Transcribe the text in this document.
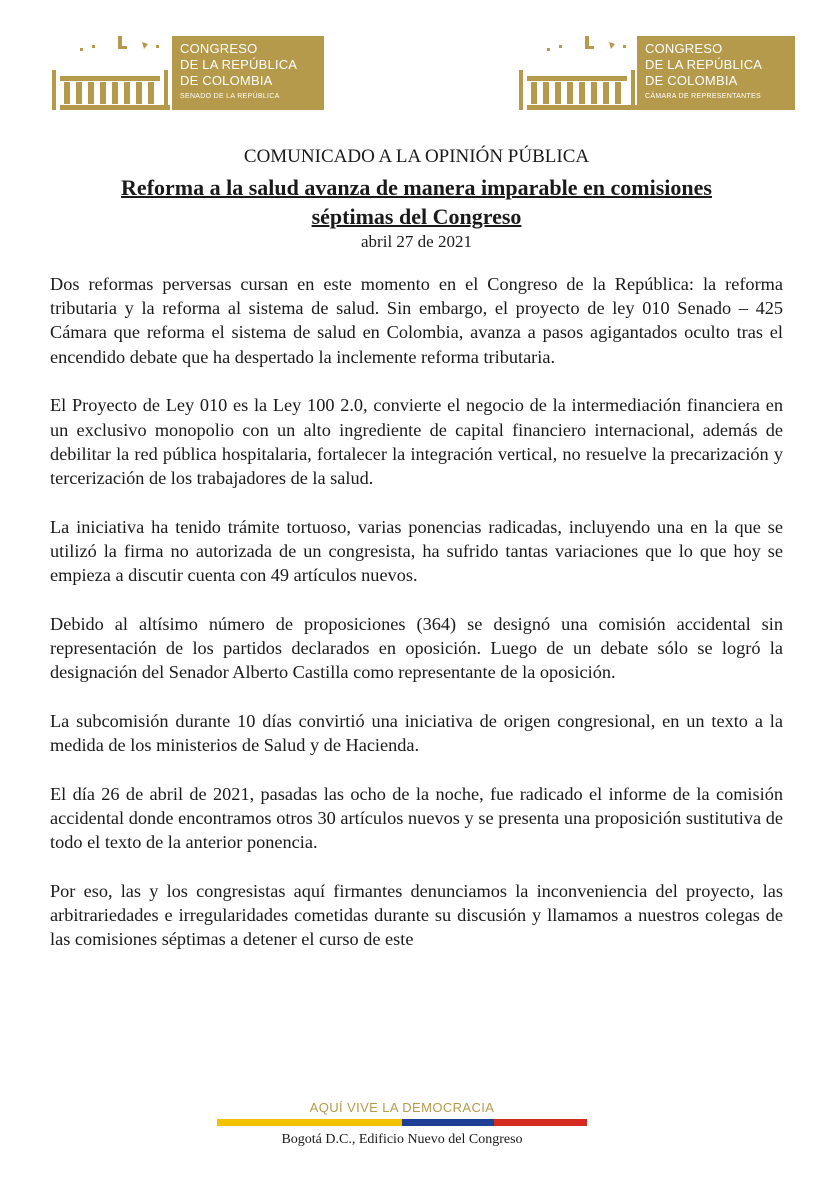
CONGRESO
DE LA REPÚBLICA
DE COLOMBIA
SENADO DE LA REPÚBLICA
CONGRESO
DE LA REPÚBLICA
DE COLOMBIA
CÁMARA DE REPRESENTANTES
COMUNICADO A LA OPINIÓN PÚBLICA
Reforma a la salud avanza de manera imparable en comisiones
séptimas del Congreso
abril 27 de 2021

Dos reformas perversas cursan en este momento en el Congreso de la República: la reforma tributaria y la reforma al sistema de salud. Sin embargo, el proyecto de ley 010 Senado – 425 Cámara que reforma el sistema de salud en Colombia, avanza a pasos agigantados oculto tras el encendido debate que ha despertado la inclemente reforma tributaria.

El Proyecto de Ley 010 es la Ley 100 2.0, convierte el negocio de la intermediación financiera en un exclusivo monopolio con un alto ingrediente de capital financiero internacional, además de debilitar la red pública hospitalaria, fortalecer la integración vertical, no resuelve la precarización y tercerización de los trabajadores de la salud.

La iniciativa ha tenido trámite tortuoso, varias ponencias radicadas, incluyendo una en la que se utilizó la firma no autorizada de un congresista, ha sufrido tantas variaciones que lo que hoy se empieza a discutir cuenta con 49 artículos nuevos.

Debido al altísimo número de proposiciones (364) se designó una comisión accidental sin representación de los partidos declarados en oposición. Luego de un debate sólo se logró la designación del Senador Alberto Castilla como representante de la oposición.

La subcomisión durante 10 días convirtió una iniciativa de origen congresional, en un texto a la medida de los ministerios de Salud y de Hacienda.

El día 26 de abril de 2021, pasadas las ocho de la noche, fue radicado el informe de la comisión accidental donde encontramos otros 30 artículos nuevos y se presenta una proposición sustitutiva de todo el texto de la anterior ponencia.

Por eso, las y los congresistas aquí firmantes denunciamos la inconveniencia del proyecto, las arbitrariedades e irregularidades cometidas durante su discusión y llamamos a nuestros colegas de las comisiones séptimas a detener el curso de este

AQUÍ VIVE LA DEMOCRACIA
Bogotá D.C., Edificio Nuevo del Congreso
